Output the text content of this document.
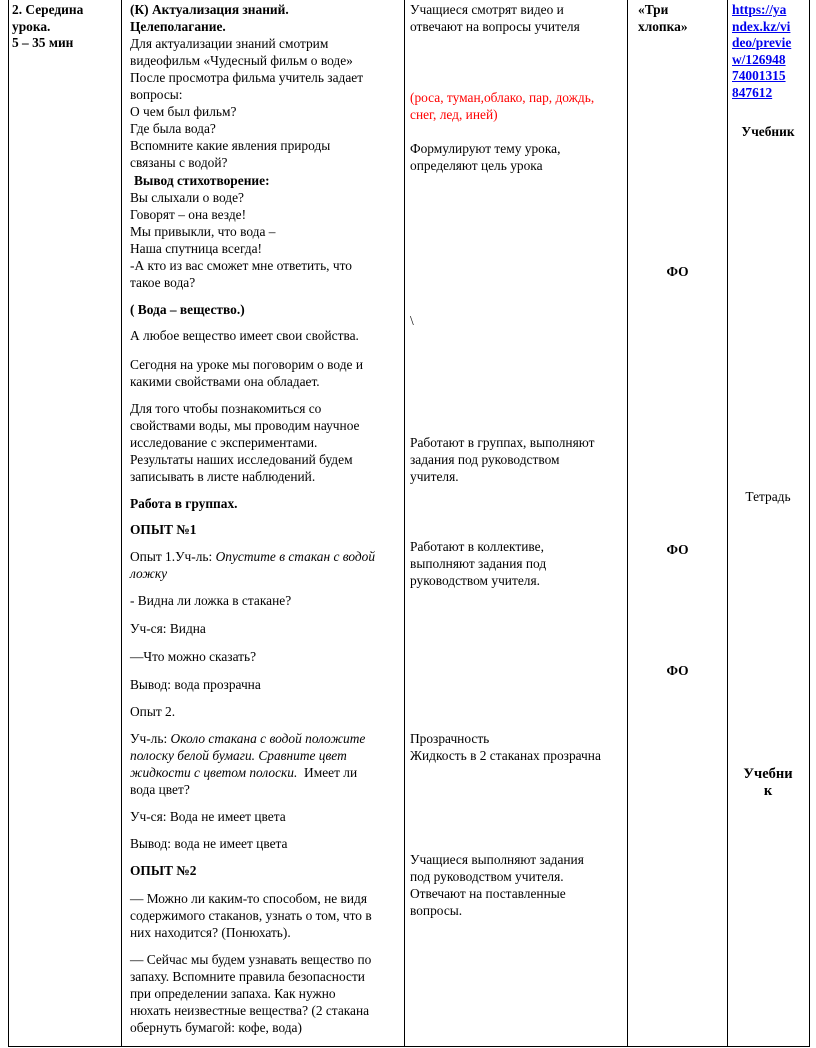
2. Середина урока.

5 – 35 мин

(К) Актуализация знаний.

Целеполагание.

Для актуализации знаний смотрим

видеофильм «Чудесный фильм о воде»

После просмотра фильма учитель задает

вопросы:

О чем был фильм?

Где была вода?

Вспомните какие явления природы

связаны с водой?

Вывод стихотворение:

Вы слыхали о воде?

Говорят – она везде!

Мы привыкли, что вода –

Наша спутница всегда!

-А кто из вас сможет мне ответить, что

такое вода?

( Вода – вещество.)

А любое вещество имеет свои свойства.

Сегодня на уроке мы поговорим о воде и

какими свойствами она обладает.

Для того чтобы познакомиться со

свойствами воды, мы проводим научное

исследование с экспериментами.

Результаты наших исследований будем

записывать в листе наблюдений.

Работа в группах.

ОПЫТ №1

Опыт 1.Уч-ль: Опустите в стакан с водой

ложку

- Видна ли ложка в стакане?

Уч-ся: Видна

—Что можно сказать?

Вывод: вода прозрачна

Опыт 2.

Уч-ль: Около стакана с водой положите

полоску белой бумаги. Сравните цвет

жидкости с цветом полоски.  Имеет ли

вода цвет?

Уч-ся: Вода не имеет цвета

Вывод: вода не имеет цвета

ОПЫТ №2

— Можно ли каким-то способом, не видя

содержимого стаканов, узнать о том, что в

них находится? (Понюхать).

— Сейчас мы будем узнавать вещество по

запаху. Вспомните правила безопасности

при определении запаха. Как нужно

нюхать неизвестные вещества? (2 стакана

обернуть бумагой: кофе, вода)

Учащиеся смотрят видео и

отвечают на вопросы учителя

(роса, туман,облако, пар, дождь,

снег, лед, иней)

Формулируют тему урока,

определяют цель урока

\

Работают в группах, выполняют

задания под руководством

учителя.

Работают в коллективе,

выполняют задания под

руководством учителя.

Прозрачность

Жидкость в 2 стаканах прозрачна

Учащиеся выполняют задания

под руководством учителя.

Отвечают на поставленные

вопросы.

«Три

хлопка»

ФО

ФО

ФО

https://ya

ndex.kz/vi

deo/previe

w/126948

74001315

847612

Учебник

Тетрадь

Учебни

к
